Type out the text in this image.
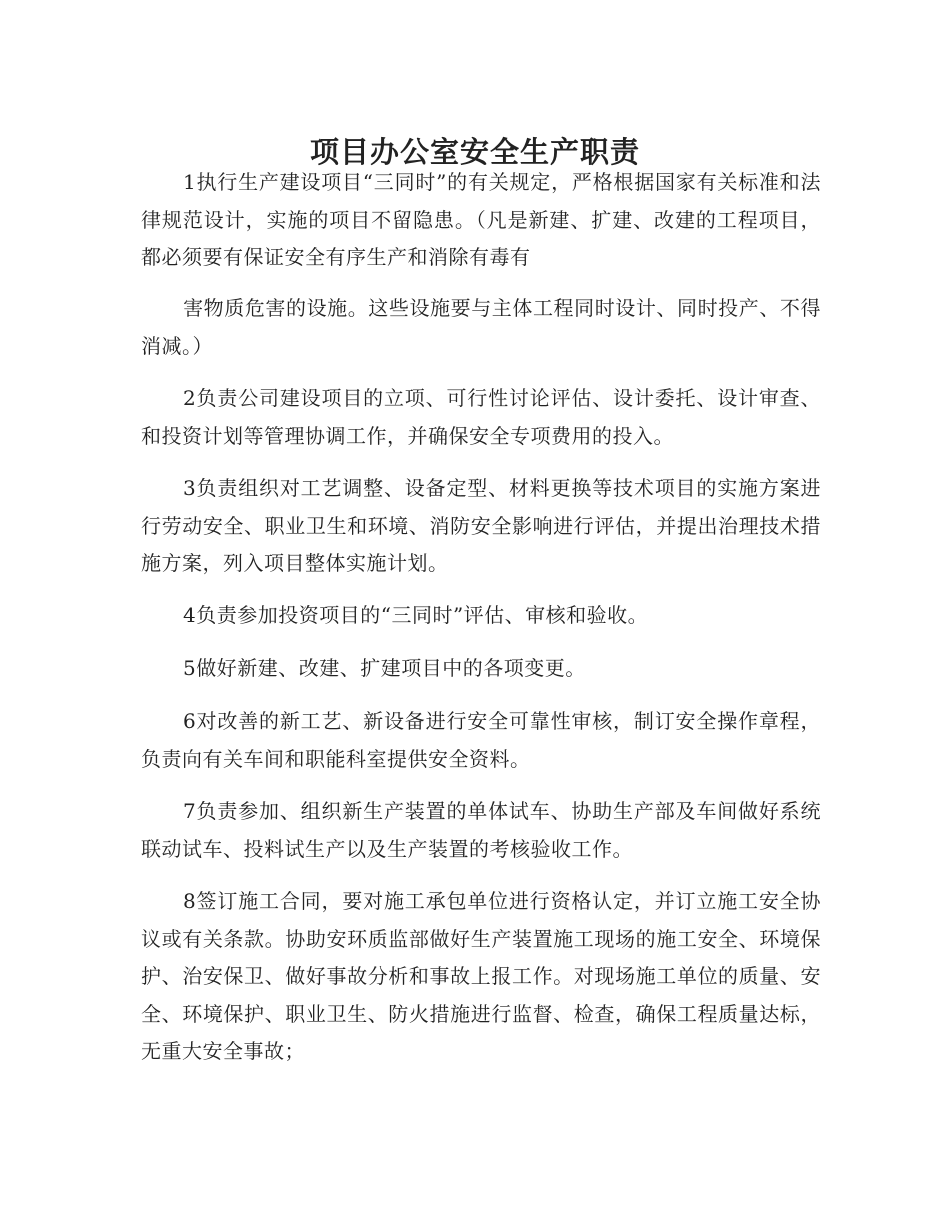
项目办公室安全生产职责

1执行生产建设项目“三同时”的有关规定，严格根据国家有关标准和法律规范设计，实施的项目不留隐患。（凡是新建、扩建、改建的工程项目，都必须要有保证安全有序生产和消除有毒有

害物质危害的设施。这些设施要与主体工程同时设计、同时投产、不得消减。）

2负责公司建设项目的立项、可行性讨论评估、设计委托、设计审查、和投资计划等管理协调工作，并确保安全专项费用的投入。

3负责组织对工艺调整、设备定型、材料更换等技术项目的实施方案进行劳动安全、职业卫生和环境、消防安全影响进行评估，并提出治理技术措施方案，列入项目整体实施计划。

4负责参加投资项目的“三同时”评估、审核和验收。

5做好新建、改建、扩建项目中的各项变更。

6对改善的新工艺、新设备进行安全可靠性审核，制订安全操作章程，负责向有关车间和职能科室提供安全资料。

7负责参加、组织新生产装置的单体试车、协助生产部及车间做好系统联动试车、投料试生产以及生产装置的考核验收工作。

8签订施工合同，要对施工承包单位进行资格认定，并订立施工安全协议或有关条款。协助安环质监部做好生产装置施工现场的施工安全、环境保护、治安保卫、做好事故分析和事故上报工作。对现场施工单位的质量、安全、环境保护、职业卫生、防火措施进行监督、检查，确保工程质量达标，无重大安全事故；
